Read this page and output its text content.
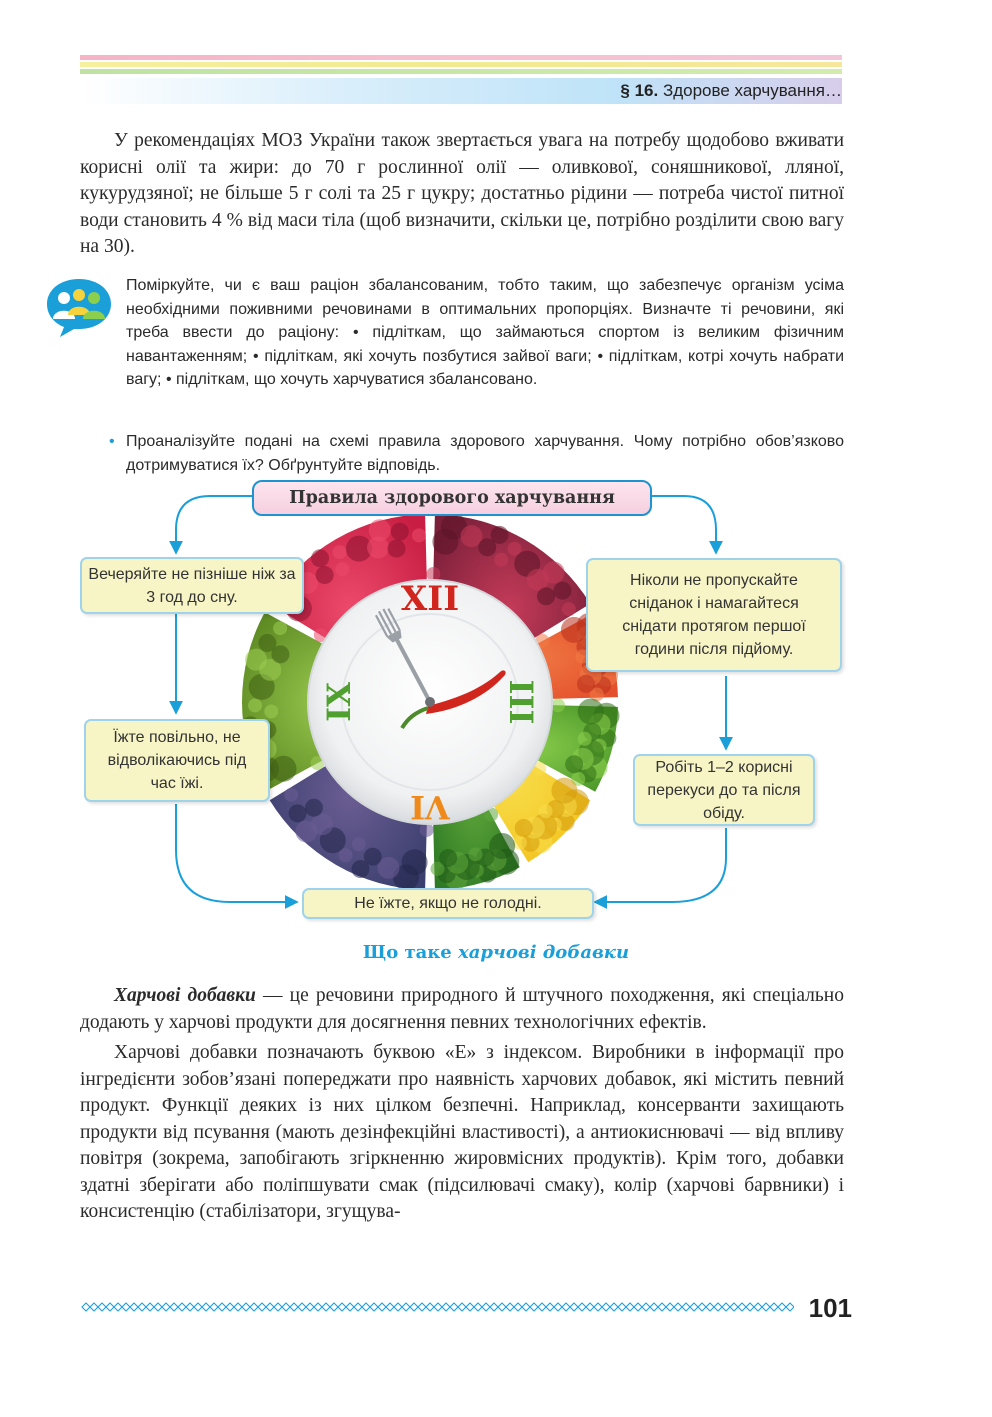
§ 16. Здорове харчування…

У рекомендаціях МОЗ України також звертається увага на потребу щодобово вживати корисні олії та жири: до 70 г рослинної олії — оливкової, соняшникової, лляної, кукурудзяної; не більше 5 г солі та 25 г цукру; достатньо рідини — потреба чистої питної води становить 4 % від маси тіла (щоб визначити, скільки це, потрібно розділити свою вагу на 30).

Поміркуйте, чи є ваш раціон збалансованим, тобто таким, що забезпечує організм усіма необхідними поживними речовинами в оптимальних пропорціях. Визначте ті речовини, які треба ввести до раціону: • підліткам, що займаються спортом із великим фізичним навантаженням; • підліткам, які хочуть позбутися зайвої ваги; • підліткам, котрі хочуть набрати вагу; • підліткам, що хочуть харчуватися збалансовано.
• Проаналізуйте подані на схемі правила здорового харчування. Чому потрібно обов’язково дотримуватися їх? Обґрунтуйте відповідь.
XII
III
VI
IX
Правила здорового харчування
Вечеряйте не пізніше ніж за 3 год до сну.
Ніколи не пропускайте сніданок і намагайтеся снідати протягом першої години після підйому.
Їжте повільно, не відволікаючись під час їжі.
Робіть 1–2 корисні перекуси до та після обіду.
Не їжте, якщо не голодні.
Що таке харчові добавки

Харчові добавки — це речовини природного й штучного походження, які спеціально додають у харчові продукти для досягнення певних технологічних ефектів.

Харчові добавки позначають буквою «Е» з індексом. Виробники в інформації про інгредієнти зобов’язані попереджати про наявність харчових добавок, які містить певний продукт. Функції деяких із них цілком безпечні. Наприклад, консерванти захищають продукти від псування (мають дезінфекційні властивості), а антиокиснювачі — від впливу повітря (зокрема, запобігають згіркненню жировмісних продуктів). Крім того, добавки здатні зберігати або поліпшувати смак (підсилювачі смаку), колір (харчові барвники) і консистенцію (стабілізатори, згущува-

101
